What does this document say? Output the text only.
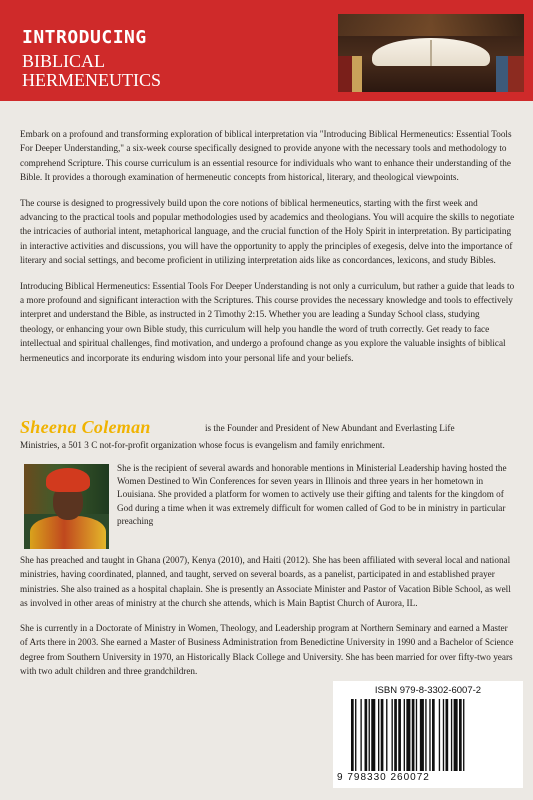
INTRODUCING
BIBLICAL
HERMENEUTICS

Embark on a profound and transforming exploration of biblical interpretation via "Introducing Biblical Hermeneutics: Essential Tools For Deeper Understanding," a six-week course specifically designed to provide anyone with the necessary tools and methodology to comprehend Scripture. This course curriculum is an essential resource for individuals who want to enhance their understanding of the Bible. It provides a thorough examination of hermeneutic concepts from historical, literary, and theological viewpoints.

The course is designed to progressively build upon the core notions of biblical hermeneutics, starting with the first week and advancing to the practical tools and popular methodologies used by academics and theologians. You will acquire the skills to negotiate the intricacies of authorial intent, metaphorical language, and the crucial function of the Holy Spirit in interpretation. By participating in interactive activities and discussions, you will have the opportunity to apply the principles of exegesis, delve into the importance of literary and social settings, and become proficient in utilizing interpretation aids like as concordances, lexicons, and study Bibles.

Introducing Biblical Hermeneutics: Essential Tools For Deeper Understanding is not only a curriculum, but rather a guide that leads to a more profound and significant interaction with the Scriptures. This course provides the necessary knowledge and tools to effectively interpret and understand the Bible, as instructed in 2 Timothy 2:15. Whether you are leading a Sunday School class, studying theology, or enhancing your own Bible study, this curriculum will help you handle the word of truth correctly. Get ready to face intellectual and spiritual challenges, find motivation, and undergo a profound change as you explore the valuable insights of biblical hermeneutics and incorporate its enduring wisdom into your personal life and your beliefs.

Sheena Coleman	is the Founder and President of New Abundant and Everlasting Life
Ministries, a 501 3 C not-for-profit organization whose focus is evangelism and family enrichment.
She is the recipient of several awards and honorable mentions in Ministerial Leadership having hosted the Women Destined to Win Conferences for seven years in Illinois and three years in her hometown in Louisiana. She provided a platform for women to actively use their gifting and talents for the kingdom of God during a time when it was extremely difficult for women called of God to be in ministry in particular preaching
She has preached and taught in Ghana (2007), Kenya (2010), and Haiti (2012). She has been affiliated with several local and national ministries, having coordinated, planned, and taught, served on several boards, as a panelist, participated in and established prayer ministries. She also trained as a hospital chaplain. She is presently an Associate Minister and Pastor of Vacation Bible School, as well as involved in other areas of ministry at the church she attends, which is Main Baptist Church of Aurora, IL.
She is currently in a Doctorate of Ministry in Women, Theology, and Leadership program at Northern Seminary and earned a Master of Arts there in 2003. She earned a Master of Business Administration from Benedictine University in 1990 and a Bachelor of Science degree from Southern University in 1970, an Historically Black College and University. She has been married for over fifty-two years with two adult children and three grandchildren.
ISBN 979-8-3302-6007-2
9 798330 260072
